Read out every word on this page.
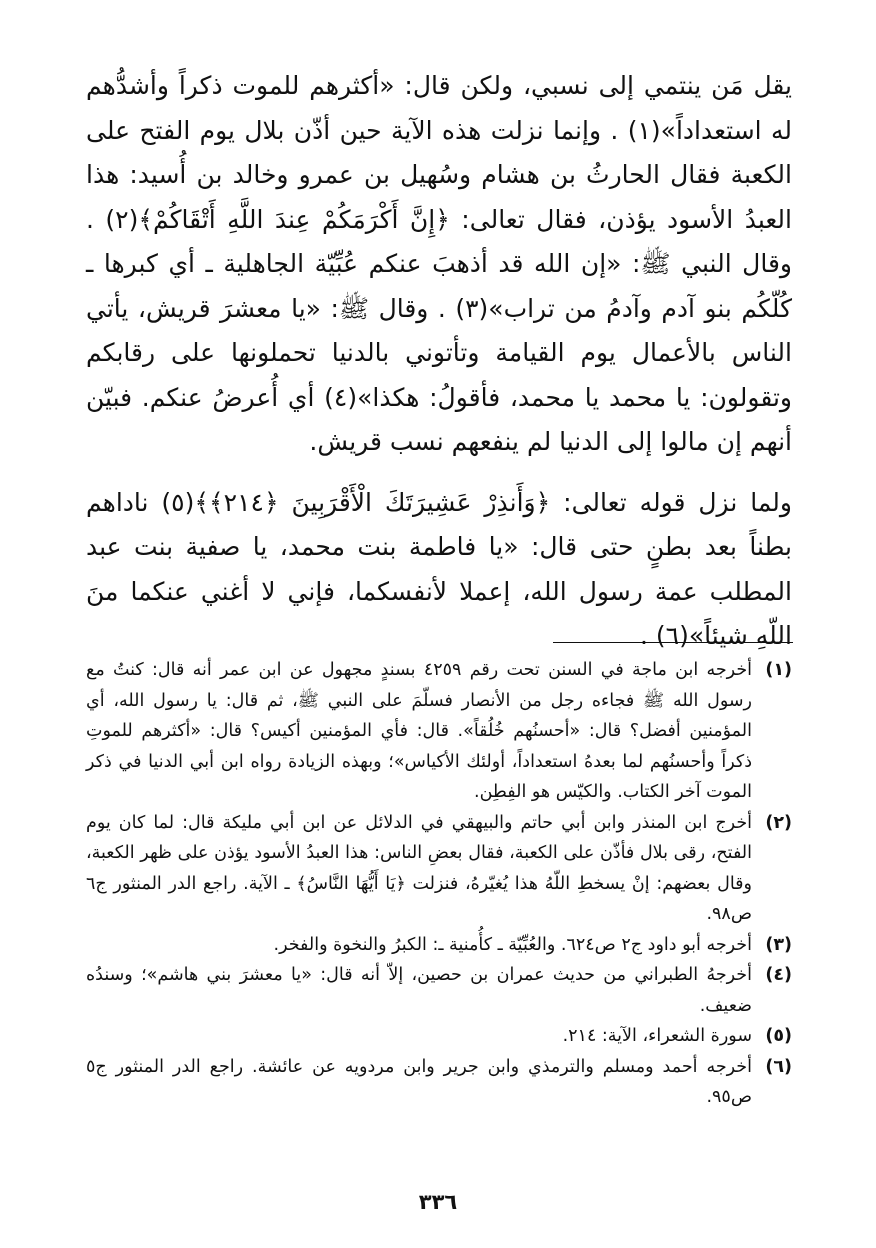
يقل مَن ينتمي إلى نسبي، ولكن قال: «أكثرهم للموت ذكراً وأشدُّهم له استعداداً»(١) . وإنما نزلت هذه الآية حين أذّن بلال يوم الفتح على الكعبة فقال الحارثُ بن هشام وسُهيل بن عمرو وخالد بن أُسيد: هذا العبدُ الأسود يؤذن، فقال تعالى: ﴿إِنَّ أَكْرَمَكُمْ عِندَ اللَّهِ أَتْقَاكُمْ﴾(٢) . وقال النبي ﷺ: «إن الله قد أذهبَ عنكم عُبِّيّة الجاهلية ـ أي كبرها ـ كُلّكُم بنو آدم وآدمُ من تراب»(٣) . وقال ﷺ: «يا معشرَ قريش، يأتي الناس بالأعمال يوم القيامة وتأتوني بالدنيا تحملونها على رقابكم وتقولون: يا محمد يا محمد، فأقولُ: هكذا»(٤) أي أُعرضُ عنكم. فبيّن أنهم إن مالوا إلى الدنيا لم ينفعهم نسب قريش.

ولما نزل قوله تعالى: ﴿وَأَنذِرْ عَشِيرَتَكَ الْأَقْرَبِينَ ﴿٢١٤﴾﴾(٥) ناداهم بطناً بعد بطنٍ حتى قال: «يا فاطمة بنت محمد، يا صفية بنت عبد المطلب عمة رسول الله، إعملا لأنفسكما، فإني لا أغني عنكما منَ اللّهِ شيئاً»(٦) .

(١)
أخرجه ابن ماجة في السنن تحت رقم ٤٢٥٩ بسندٍ مجهول عن ابن عمر أنه قال: كنتُ مع رسول الله ﷺ فجاءه رجل من الأنصار فسلّمَ على النبي ﷺ، ثم قال: يا رسول الله، أي المؤمنين أفضل؟ قال: «أحسنُهم خُلُقاً». قال: فأي المؤمنين أكيس؟ قال: «أكثرهم للموتِ ذكراً وأحسنُهم لما بعدهُ استعداداً، أولئك الأكياس»؛ وبهذه الزيادة رواه ابن أبي الدنيا في ذكر الموت آخر الكتاب. والكيّس هو الفِطِن.
(٢)
أخرج ابن المنذر وابن أبي حاتم والبيهقي في الدلائل عن ابن أبي مليكة قال: لما كان يوم الفتح، رقى بلال فأذّن على الكعبة، فقال بعضِ الناس: هذا العبدُ الأسود يؤذن على ظهر الكعبة، وقال بعضهم: إنْ يسخطِ اللّهُ هذا يُغيّرهُ، فنزلت ﴿يَا أَيُّهَا النَّاسُ﴾ ـ الآية. راجع الدر المنثور ج٦ ص٩٨.
(٣)
أخرجه أبو داود ج٢ ص٦٢٤. والعُبِّيّة ـ كأُمنية ـ: الكبرُ والنخوة والفخر.
(٤)
أخرجهُ الطبراني من حديث عمران بن حصين، إلاّ أنه قال: «يا معشرَ بني هاشم»؛ وسندُه ضعيف.
(٥)
سورة الشعراء، الآية: ٢١٤.
(٦)
أخرجه أحمد ومسلم والترمذي وابن جرير وابن مردويه عن عائشة. راجع الدر المنثور ج٥ ص٩٥.
٣٣٦
